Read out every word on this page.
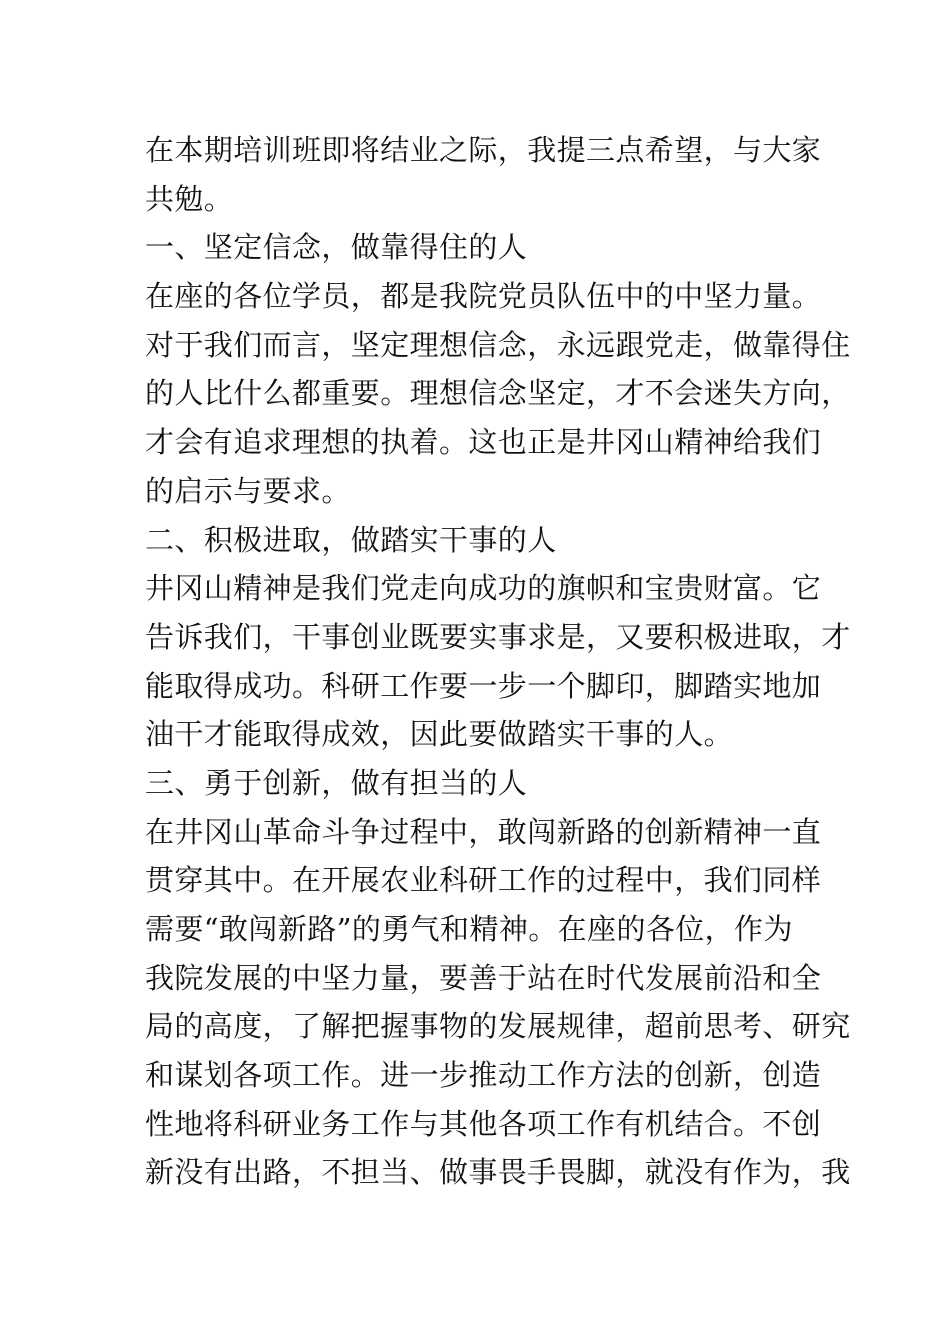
在本期培训班即将结业之际，我提三点希望，与大家
共勉。
一、坚定信念，做靠得住的人
在座的各位学员，都是我院党员队伍中的中坚力量。
对于我们而言，坚定理想信念，永远跟党走，做靠得住
的人比什么都重要。理想信念坚定，才不会迷失方向，
才会有追求理想的执着。这也正是井冈山精神给我们
的启示与要求。
二、积极进取，做踏实干事的人
井冈山精神是我们党走向成功的旗帜和宝贵财富。它
告诉我们，干事创业既要实事求是，又要积极进取，才
能取得成功。科研工作要一步一个脚印，脚踏实地加
油干才能取得成效，因此要做踏实干事的人。
三、勇于创新，做有担当的人
在井冈山革命斗争过程中，敢闯新路的创新精神一直
贯穿其中。在开展农业科研工作的过程中，我们同样
需要“敢闯新路”的勇气和精神。在座的各位，作为
我院发展的中坚力量，要善于站在时代发展前沿和全
局的高度，了解把握事物的发展规律，超前思考、研究
和谋划各项工作。进一步推动工作方法的创新，创造
性地将科研业务工作与其他各项工作有机结合。不创
新没有出路，不担当、做事畏手畏脚，就没有作为，我
